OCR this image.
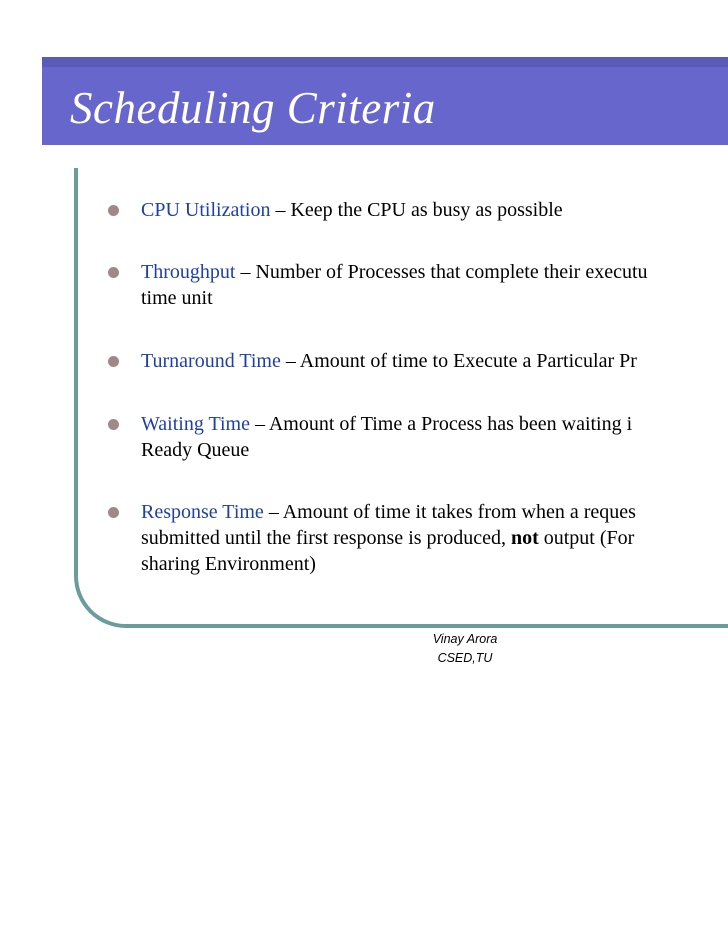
Scheduling Criteria
CPU Utilization – Keep the CPU as busy as possible
Throughput – Number of Processes that complete their executu
time unit
Turnaround Time – Amount of time to Execute a Particular Pr
Waiting Time – Amount of Time a Process has been waiting i
Ready Queue
Response Time – Amount of time it takes from when a reques
submitted until the first response is produced, not output (For
sharing Environment)
Vinay Arora
CSED,TU
